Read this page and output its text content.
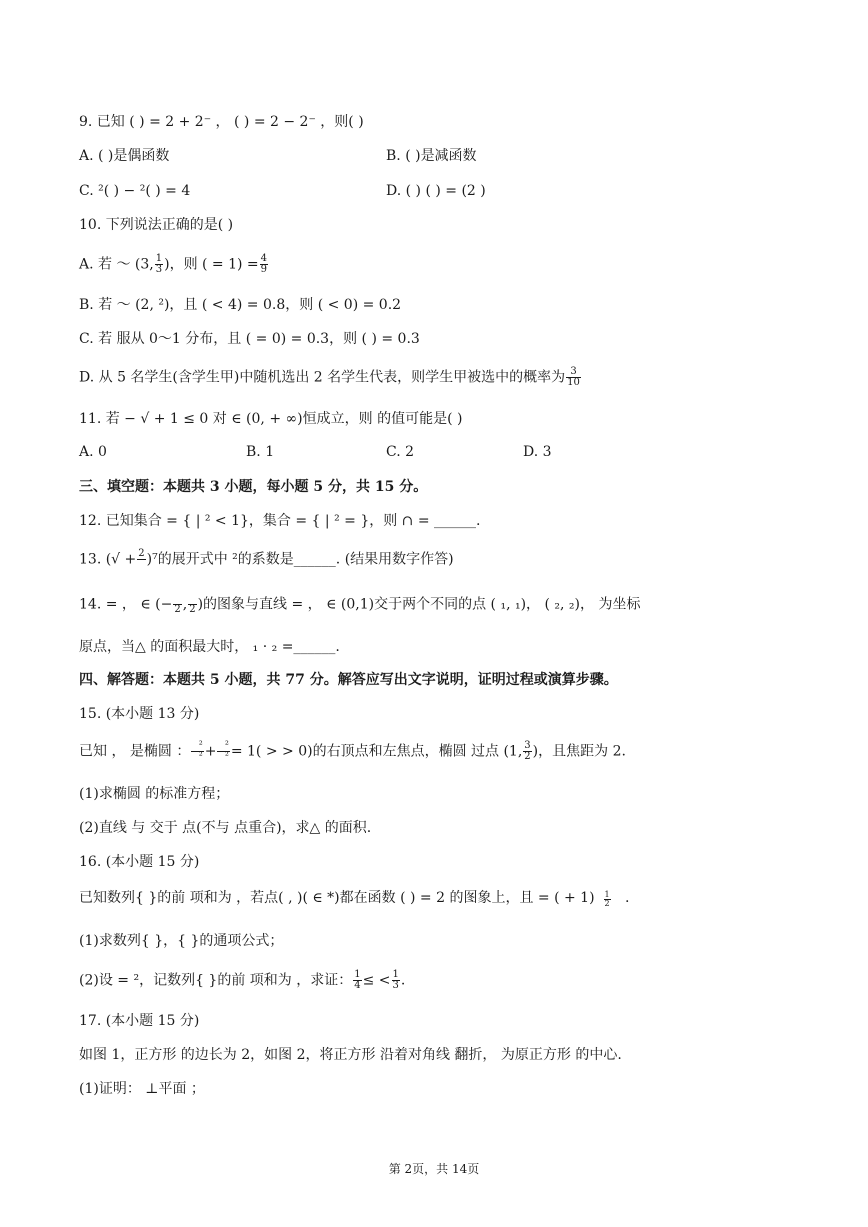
9. 已知 ( ) = 2 + 2⁻ ， ( ) = 2 − 2⁻ ，则( )
A. ( )是偶函数	B. ( )是减函数
C. ²( ) − ²( ) = 4	D. ( ) ( ) = (2 )
10. 下列说法正确的是( )
A. 若 ～ (3, $\frac{1}{3}$ )，则 ( = $1) = \frac{4}{9}$
B. 若 ～ (2, ²)，且 ( < 4) = 0.8，则 ( < 0) = 0.2
C. 若 服从 0～1 分布，且 ( = 0) = 0.3，则 ( ) = 0.3
D. 从 5 名学生(含学生甲)中随机选出 2 名学生代表，则学生甲被选中的概率为 $\frac{3}{10}$
11. 若 − √ + 1 ≤ 0 对 ∈ (0, + ∞)恒成立，则 的值可能是( )
A. 0	B. 1	C. 2	D. 3
三、填空题：本题共 3 小题，每小题 5 分，共 15 分。
12. 已知集合 = { | ² < 1}，集合 = { | ² = }，则 ∩ = ______.
13. (√ + 2
)⁷的展开式中 ²的系数是______. (结果用数字作答)
14. = ， ∈ (−
2 ,
2 )的图象与直线 = ， ∈ (0,1)交于两个不同的点 ( ₁, ₁)， ( ₂, ₂)， 为坐标
原点，当△ 的面积最大时， ₁ · ₂ =______.
四、解答题：本题共 5 小题，共 77 分。解答应写出文字说明，证明过程或演算步骤。
15. (本小题 13 分)
已知 ， 是椭圆 ： $\frac{\text{²}}{\text{²}} + \frac{\text{²}}{\text{²}} = 1$( > > 0)的右顶点和左焦点，椭圆 过点 (1, $\frac{3}{2}$ )，且焦距为 2.
(1)求椭圆 的标准方程；
(2)直线 与 交于 点(不与 点重合)，求△ 的面积.
16. (本小题 15 分)
已知数列{ }的前 项和为 ，若点( , )( ∈ *)都在函数 ( ) = 2 的图象上，且 = ( + $1) \frac{1}{2}$ .
(1)求数列{ }，{ }的通项公式；
(2)设 = ²，记数列{ }的前 项和为 ，求证： $\frac{1}{4}$ ≤ < $\frac{1}{3}$ .
17. (本小题 15 分)
如图 1，正方形 的边长为 2，如图 2，将正方形 沿着对角线 翻折， 为原正方形 的中心.
(1)证明： ⊥平面 ；
第 2页，共 14页
